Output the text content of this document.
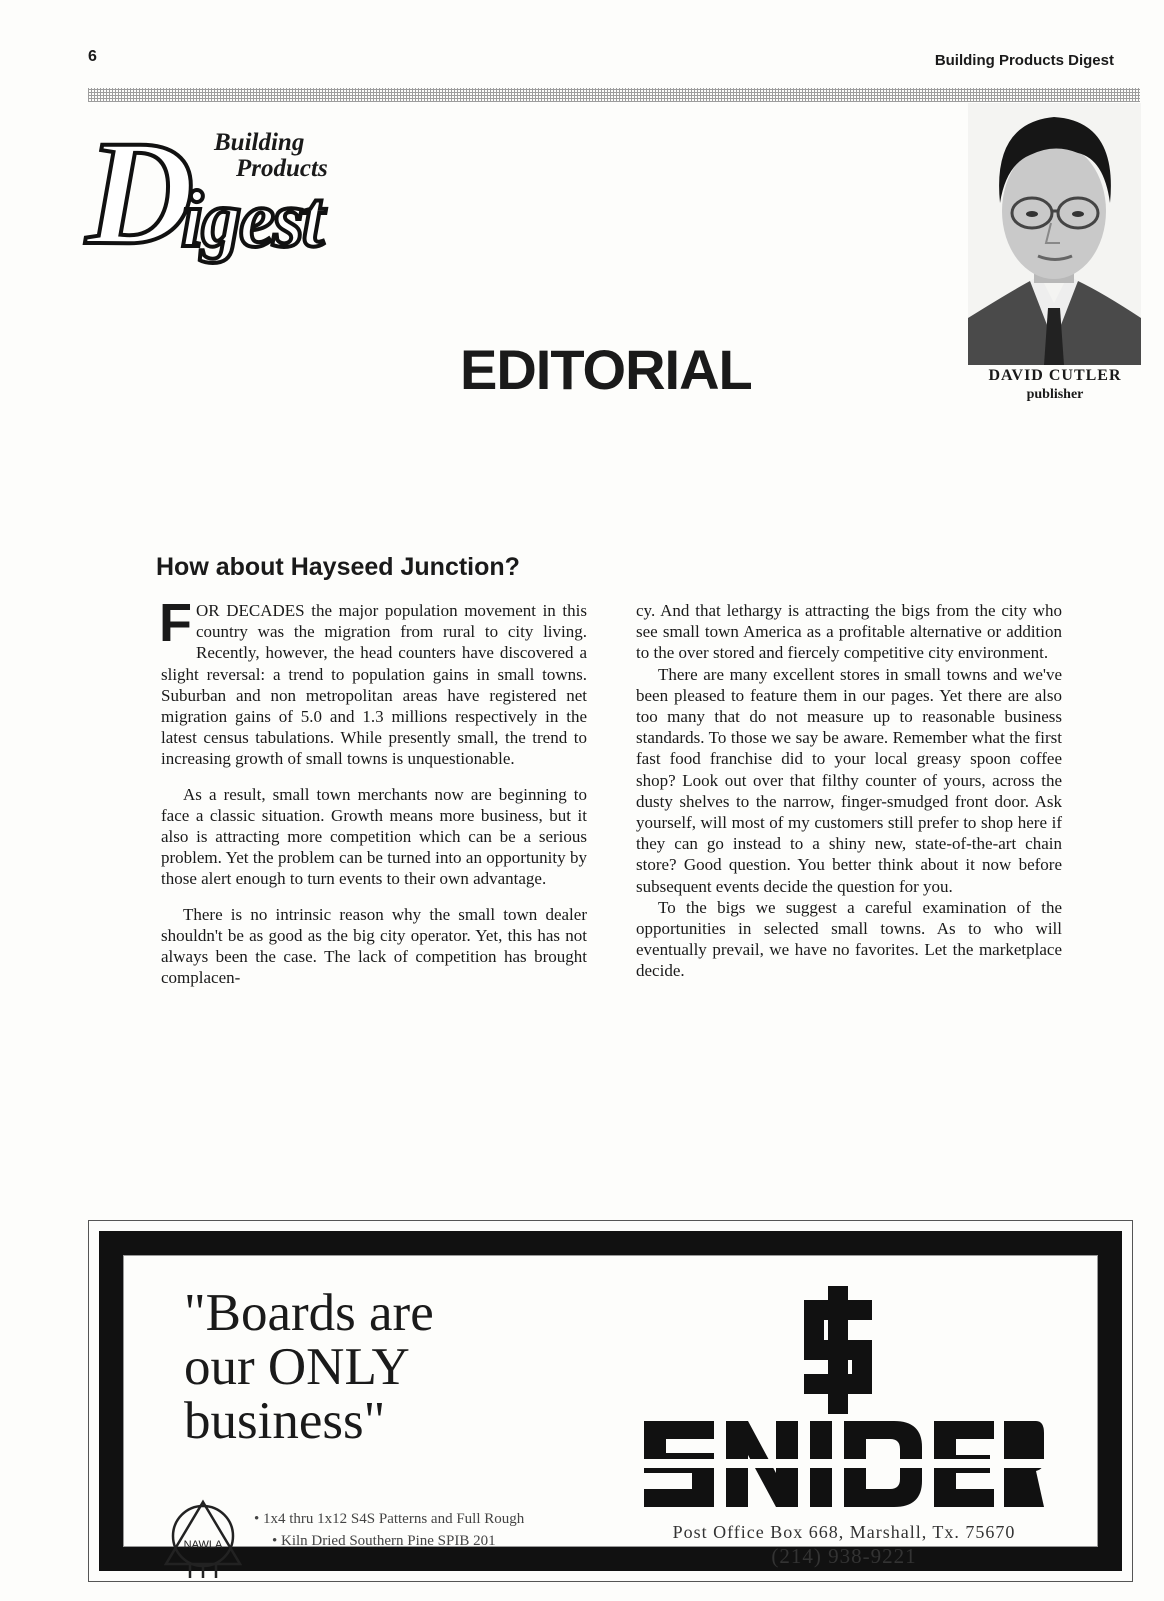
6	Building Products Digest
D Building
Products
igest
EDITORIAL	DAVID CUTLER
publisher
How about Hayseed Junction?

FOR DECADES the major population movement in this country was the migration from rural to city living. Recently, however, the head counters have discovered a slight reversal: a trend to population gains in small towns. Suburban and non metropolitan areas have registered net migration gains of 5.0 and 1.3 millions respectively in the latest census tabulations. While presently small, the trend to increasing growth of small towns is unquestionable.

As a result, small town merchants now are beginning to face a classic situation. Growth means more business, but it also is attracting more competition which can be a serious problem. Yet the problem can be turned into an opportunity by those alert enough to turn events to their own advantage.

There is no intrinsic reason why the small town dealer shouldn't be as good as the big city operator. Yet, this has not always been the case. The lack of competition has brought complacen-

cy. And that lethargy is attracting the bigs from the city who see small town America as a profitable alternative or addition to the over stored and fiercely competitive city environment.

There are many excellent stores in small towns and we've been pleased to feature them in our pages. Yet there are also too many that do not measure up to reasonable business standards. To those we say be aware. Remember what the first fast food franchise did to your local greasy spoon coffee shop? Look out over that filthy counter of yours, across the dusty shelves to the narrow, finger-smudged front door. Ask yourself, will most of my customers still prefer to shop here if they can go instead to a shiny new, state-of-the-art chain store? Good question. You better think about it now before subsequent events decide the question for you.

To the bigs we suggest a careful examination of the opportunities in selected small towns. As to who will eventually prevail, we have no favorites. Let the marketplace decide.

"Boards are
our ONLY
business"
NAWLA
• 1x4 thru 1x12 S4S Patterns and Full Rough
• Kiln Dried Southern Pine SPIB 201
SNIDER
Post Office Box 668, Marshall, Tx. 75670
(214) 938-9221
